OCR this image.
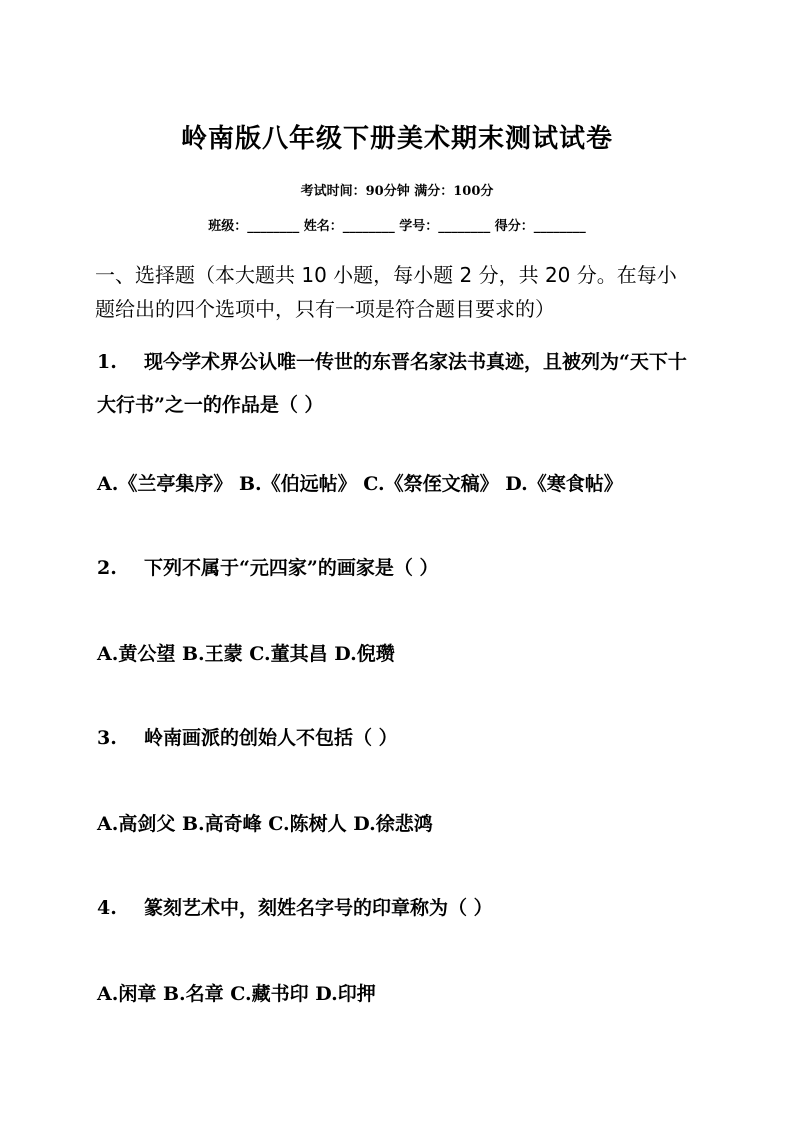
岭南版八年级下册美术期末测试试卷
考试时间：90分钟 满分：100分
班级：________ 姓名：________ 学号：________ 得分：________
一、选择题（本大题共 10 小题，每小题 2 分，共 20 分。在每小题给出的四个选项中，只有一项是符合题目要求的）
1. 现今学术界公认唯一传世的东晋名家法书真迹，且被列为“天下十大行书”之一的作品是（ ）
A.《兰亭集序》 B.《伯远帖》 C.《祭侄文稿》 D.《寒食帖》
2. 下列不属于“元四家”的画家是（ ）
A.黄公望 B.王蒙 C.董其昌 D.倪瓒
3. 岭南画派的创始人不包括（ ）
A.高剑父 B.高奇峰 C.陈树人 D.徐悲鸿
4. 篆刻艺术中，刻姓名字号的印章称为（ ）
A.闲章 B.名章 C.藏书印 D.印押
